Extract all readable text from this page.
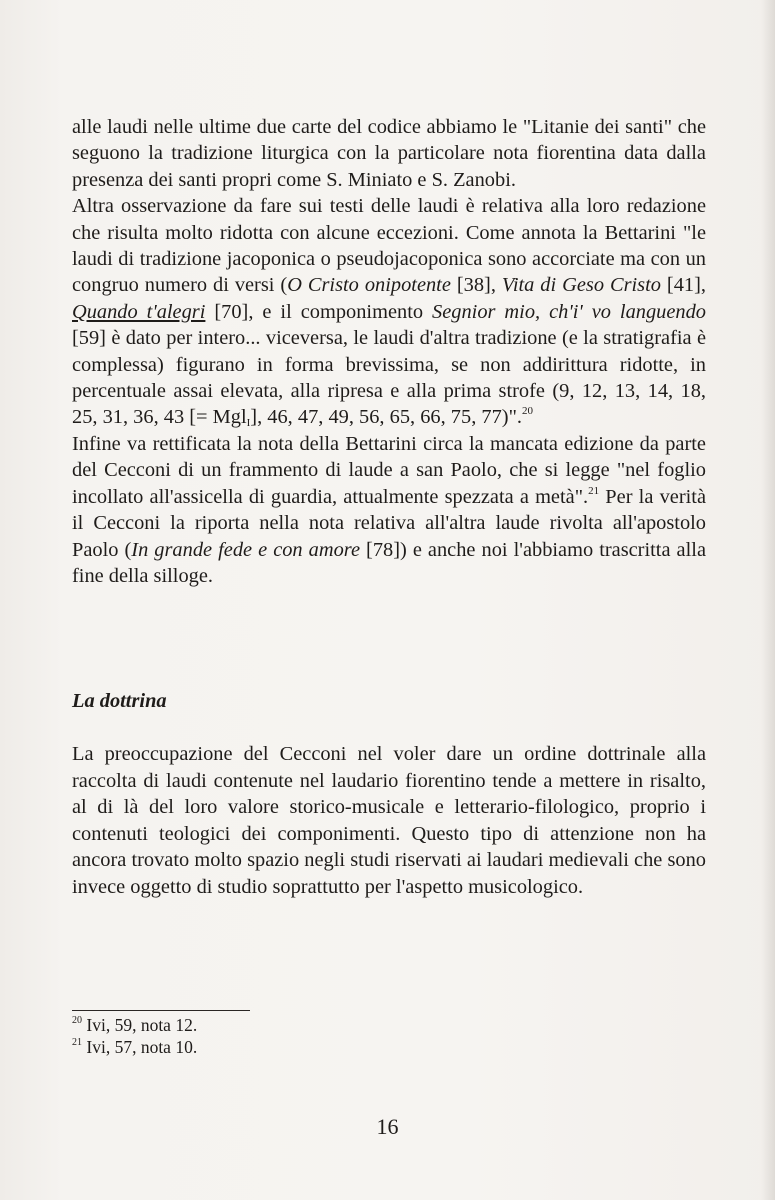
alle laudi nelle ultime due carte del codice abbiamo le "Litanie dei santi" che seguono la tradizione liturgica con la particolare nota fiorentina data dalla presenza dei santi propri come S. Miniato e S. Zanobi.

Altra osservazione da fare sui testi delle laudi è relativa alla loro redazione che risulta molto ridotta con alcune eccezioni. Come annota la Bettarini "le laudi di tradizione jacoponica o pseudojacoponica sono accorciate ma con un congruo numero di versi (O Cristo onipotente [38], Vita di Geso Cristo [41], Quando t'alegri [70], e il componimento Segnior mio, ch'i' vo languendo [59] è dato per intero... viceversa, le laudi d'altra tradizione (e la stratigrafia è complessa) figurano in forma brevissima, se non addirittura ridotte, in percentuale assai elevata, alla ripresa e alla prima strofe (9, 12, 13, 14, 18, 25, 31, 36, 43 [= Mgl$_I$], 46, 47, 49, 56, 65, 66, 75, 77)".$^{20}$

Infine va rettificata la nota della Bettarini circa la mancata edizione da parte del Cecconi di un frammento di laude a san Paolo, che si legge "nel foglio incollato all'assicella di guardia, attualmente spezzata a metà".$^{21}$ Per la verità il Cecconi la riporta nella nota relativa all'altra laude rivolta all'apostolo Paolo (In grande fede e con amore [78]) e anche noi l'abbiamo trascritta alla fine della silloge.

La dottrina

La preoccupazione del Cecconi nel voler dare un ordine dottrinale alla raccolta di laudi contenute nel laudario fiorentino tende a mettere in risalto, al di là del loro valore storico-musicale e letterario-filologico, proprio i contenuti teologici dei componimenti. Questo tipo di attenzione non ha ancora trovato molto spazio negli studi riservati ai laudari medievali che sono invece oggetto di studio soprattutto per l'aspetto musicologico.

$^{20}$ Ivi, 59, nota 12.

$^{21}$ Ivi, 57, nota 10.

16
